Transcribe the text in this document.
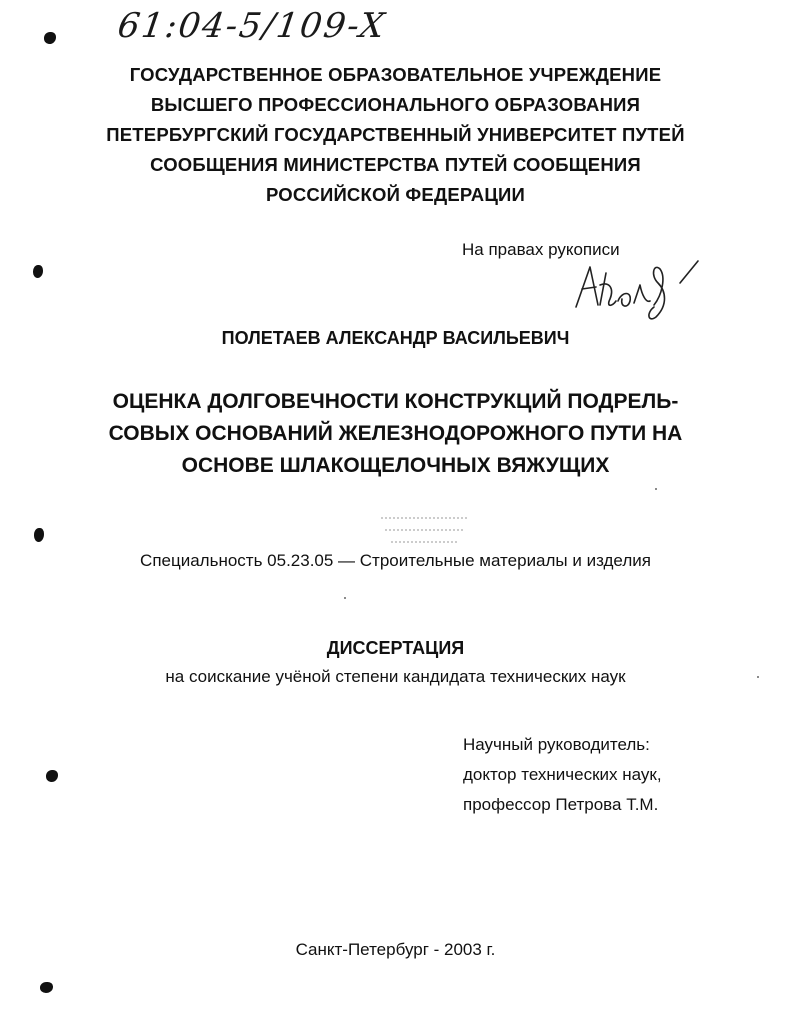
61:04-5/109-X
ГОСУДАРСТВЕННОЕ ОБРАЗОВАТЕЛЬНОЕ УЧРЕЖДЕНИЕ
ВЫСШЕГО ПРОФЕССИОНАЛЬНОГО ОБРАЗОВАНИЯ
ПЕТЕРБУРГСКИЙ ГОСУДАРСТВЕННЫЙ УНИВЕРСИТЕТ ПУТЕЙ
СООБЩЕНИЯ МИНИСТЕРСТВА ПУТЕЙ СООБЩЕНИЯ
РОССИЙСКОЙ ФЕДЕРАЦИИ
На правах рукописи
ПОЛЕТАЕВ АЛЕКСАНДР ВАСИЛЬЕВИЧ
ОЦЕНКА ДОЛГОВЕЧНОСТИ КОНСТРУКЦИЙ ПОДРЕЛЬ-
СОВЫХ ОСНОВАНИЙ ЖЕЛЕЗНОДОРОЖНОГО ПУТИ НА
ОСНОВЕ ШЛАКОЩЕЛОЧНЫХ ВЯЖУЩИХ
Специальность 05.23.05 — Строительные материалы и изделия
ДИССЕРТАЦИЯ
на соискание учёной степени кандидата технических наук
Научный руководитель:
доктор технических наук,
профессор Петрова Т.М.
Санкт-Петербург - 2003 г.
